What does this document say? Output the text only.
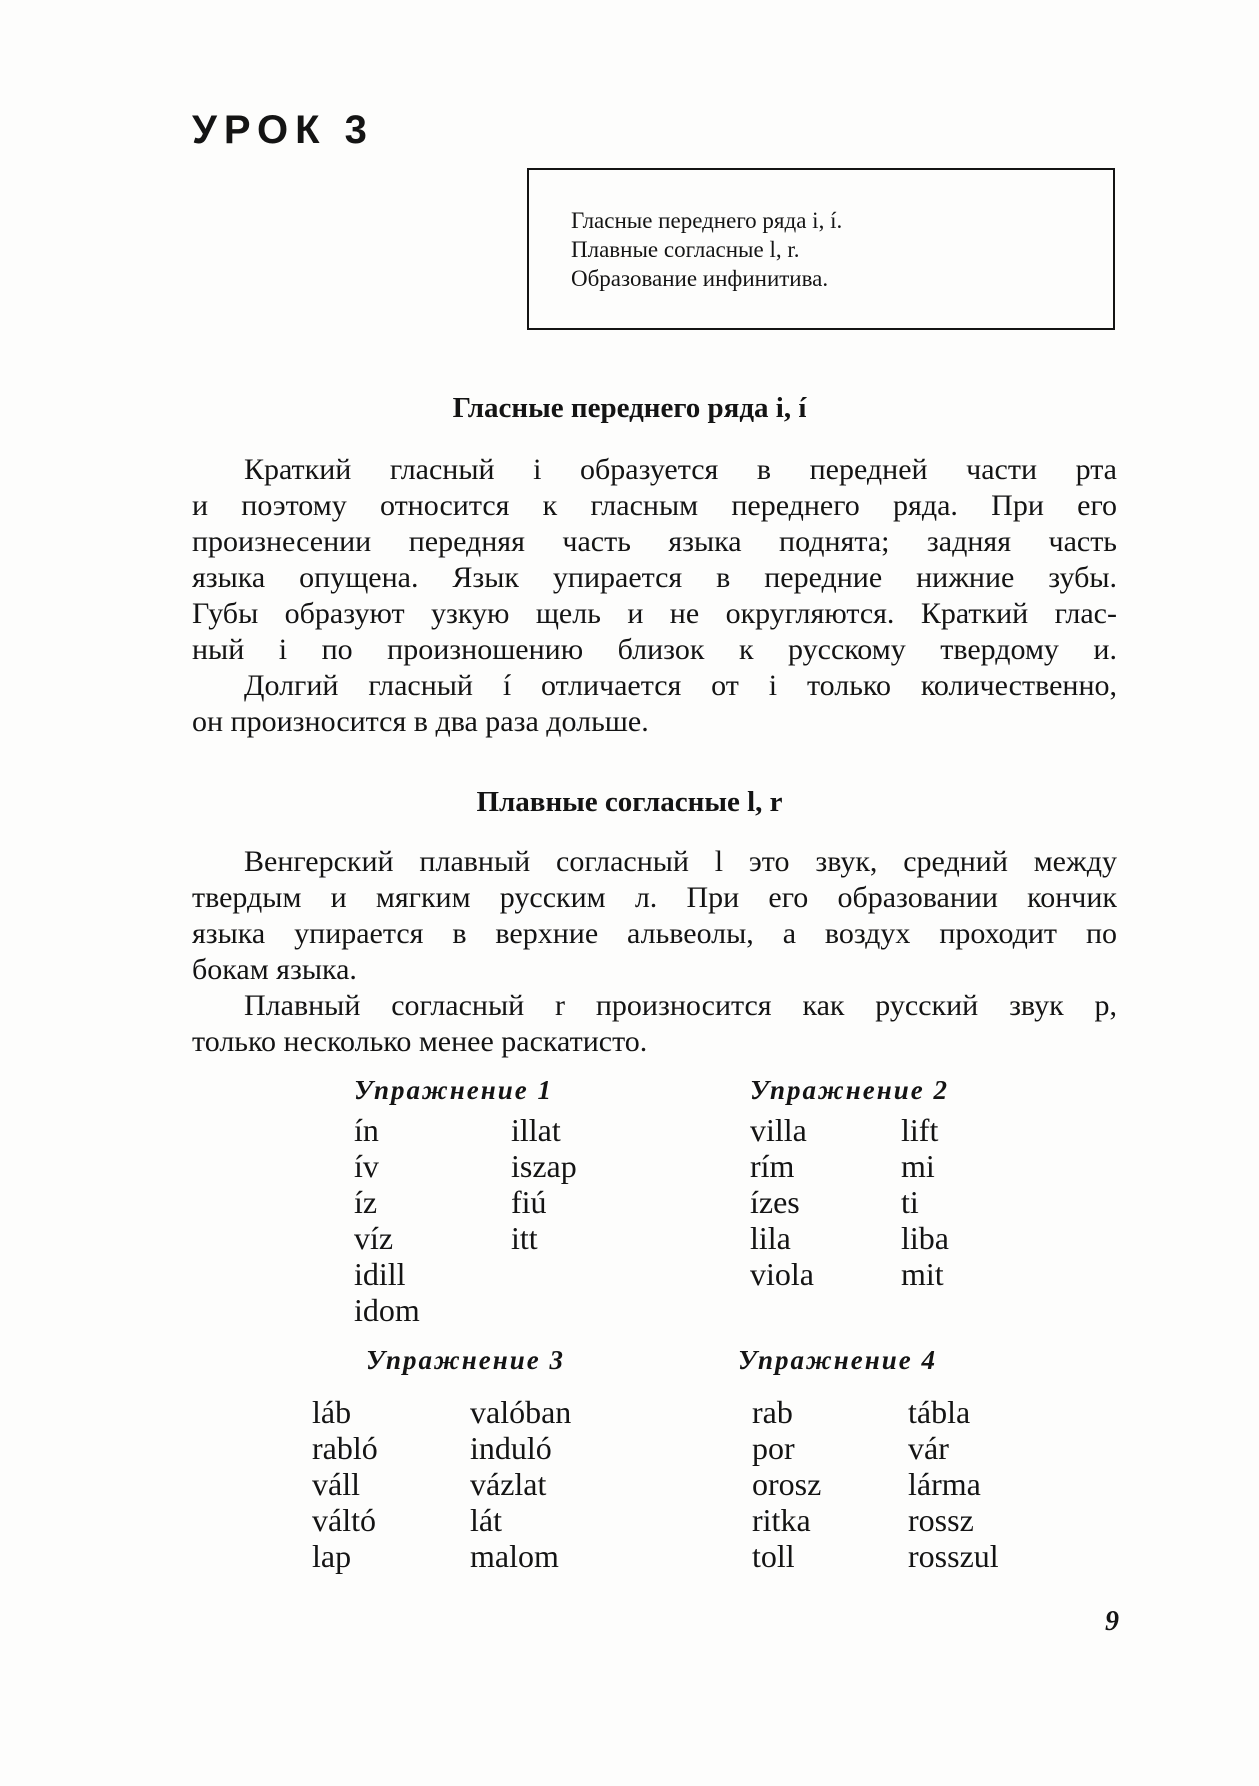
УРОК 3
Гласные переднего ряда i, í.
Плавные согласные l, r.
Образование инфинитива.
Гласные переднего ряда i, í
Краткий гласный i образуется в передней части рта
и поэтому относится к гласным переднего ряда. При его
произнесении передняя часть языка поднята; задняя часть
языка опущена. Язык упирается в передние нижние зубы.
Губы образуют узкую щель и не округляются. Краткий глас-
ный i по произношению близок к русскому твердому и.
Долгий гласный í отличается от i только количественно,
он произносится в два раза дольше.
Плавные согласные l, r
Венгерский плавный согласный l это звук, средний между
твердым и мягким русским л. При его образовании кончик
языка упирается в верхние альвеолы, а воздух проходит по
бокам языка.
Плавный согласный r произносится как русский звук р,
только несколько менее раскатисто.
Упражнение 1
ín
ív
íz
víz
idill
idom
illat
iszap
fiú
itt
Упражнение 2
villa
rím
ízes
lila
viola
lift
mi
ti
liba
mit
Упражнение 3
láb
rabló
váll
váltó
lap
valóban
induló
vázlat
lát
malom
Упражнение 4
rab
por
orosz
ritka
toll
tábla
vár
lárma
rossz
rosszul
9
